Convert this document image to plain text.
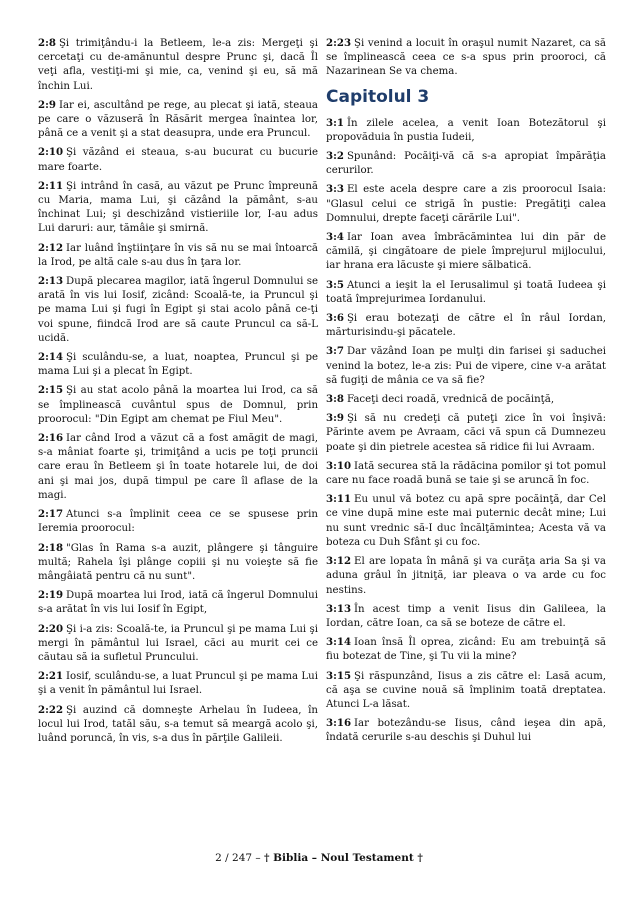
2:8 Şi trimiţându-i la Betleem, le-a zis: Mergeţi şi cercetaţi cu de-amănuntul despre Prunc şi, dacă Îl veţi afla, vestiţi-mi şi mie, ca, venind şi eu, să mă închin Lui.

2:9 Iar ei, ascultând pe rege, au plecat şi iată, steaua pe care o văzuseră în Răsărit mergea înaintea lor, până ce a venit şi a stat deasupra, unde era Pruncul.

2:10 Şi văzând ei steaua, s-au bucurat cu bucurie mare foarte.

2:11 Şi intrând în casă, au văzut pe Prunc împreună cu Maria, mama Lui, şi căzând la pământ, s-au închinat Lui; şi deschizând vistieriile lor, I-au adus Lui daruri: aur, tămâie şi smirnă.

2:12 Iar luând înştiinţare în vis să nu se mai întoarcă la Irod, pe altă cale s-au dus în ţara lor.

2:13 După plecarea magilor, iată îngerul Domnului se arată în vis lui Iosif, zicând: Scoală-te, ia Pruncul şi pe mama Lui şi fugi în Egipt şi stai acolo până ce-ţi voi spune, fiindcă Irod are să caute Pruncul ca să-L ucidă.

2:14 Şi sculându-se, a luat, noaptea, Pruncul şi pe mama Lui şi a plecat în Egipt.

2:15 Şi au stat acolo până la moartea lui Irod, ca să se împlinească cuvântul spus de Domnul, prin proorocul: "Din Egipt am chemat pe Fiul Meu".

2:16 Iar când Irod a văzut că a fost amăgit de magi, s-a mâniat foarte şi, trimiţând a ucis pe toţi pruncii care erau în Betleem şi în toate hotarele lui, de doi ani şi mai jos, după timpul pe care îl aflase de la magi.

2:17 Atunci s-a împlinit ceea ce se spusese prin Ieremia proorocul:

2:18 "Glas în Rama s-a auzit, plângere şi tânguire multă; Rahela îşi plânge copiii şi nu voieşte să fie mângâiată pentru că nu sunt".

2:19 După moartea lui Irod, iată că îngerul Domnului s-a arătat în vis lui Iosif în Egipt,

2:20 Şi i-a zis: Scoală-te, ia Pruncul şi pe mama Lui şi mergi în pământul lui Israel, căci au murit cei ce căutau să ia sufletul Pruncului.

2:21 Iosif, sculându-se, a luat Pruncul şi pe mama Lui şi a venit în pământul lui Israel.

2:22 Şi auzind că domneşte Arhelau în Iudeea, în locul lui Irod, tatăl său, s-a temut să meargă acolo şi, luând poruncă, în vis, s-a dus în părţile Galileii.

2:23 Şi venind a locuit în oraşul numit Nazaret, ca să se împlinească ceea ce s-a spus prin prooroci, că Nazarinean Se va chema.

Capitolul 3

3:1 În zilele acelea, a venit Ioan Botezătorul şi propovăduia în pustia Iudeii,

3:2 Spunând: Pocăiţi-vă că s-a apropiat împărăţia cerurilor.

3:3 El este acela despre care a zis proorocul Isaia: "Glasul celui ce strigă în pustie: Pregătiţi calea Domnului, drepte faceţi cărările Lui".

3:4 Iar Ioan avea îmbrăcămintea lui din păr de cămilă, şi cingătoare de piele împrejurul mijlocului, iar hrana era lăcuste şi miere sălbatică.

3:5 Atunci a ieşit la el Ierusalimul şi toată Iudeea şi toată împrejurimea Iordanului.

3:6 Şi erau botezaţi de către el în râul Iordan, mărturisindu-şi păcatele.

3:7 Dar văzând Ioan pe mulţi din farisei şi saduchei venind la botez, le-a zis: Pui de vipere, cine v-a arătat să fugiţi de mânia ce va să fie?

3:8 Faceţi deci roadă, vrednică de pocăinţă,

3:9 Şi să nu credeţi că puteţi zice în voi înşivă: Părinte avem pe Avraam, căci vă spun că Dumnezeu poate şi din pietrele acestea să ridice fii lui Avraam.

3:10 Iată securea stă la rădăcina pomilor şi tot pomul care nu face roadă bună se taie şi se aruncă în foc.

3:11 Eu unul vă botez cu apă spre pocăinţă, dar Cel ce vine după mine este mai puternic decât mine; Lui nu sunt vrednic să-I duc încălţămintea; Acesta vă va boteza cu Duh Sfânt şi cu foc.

3:12 El are lopata în mână şi va curăţa aria Sa şi va aduna grâul în jitniţă, iar pleava o va arde cu foc nestins.

3:13 În acest timp a venit Iisus din Galileea, la Iordan, către Ioan, ca să se boteze de către el.

3:14 Ioan însă Îl oprea, zicând: Eu am trebuinţă să fiu botezat de Tine, şi Tu vii la mine?

3:15 Şi răspunzând, Iisus a zis către el: Lasă acum, că aşa se cuvine nouă să împlinim toată dreptatea. Atunci L-a lăsat.

3:16 Iar botezându-se Iisus, când ieşea din apă, îndată cerurile s-au deschis şi Duhul lui

2 / 247 – † Biblia – Noul Testament †
